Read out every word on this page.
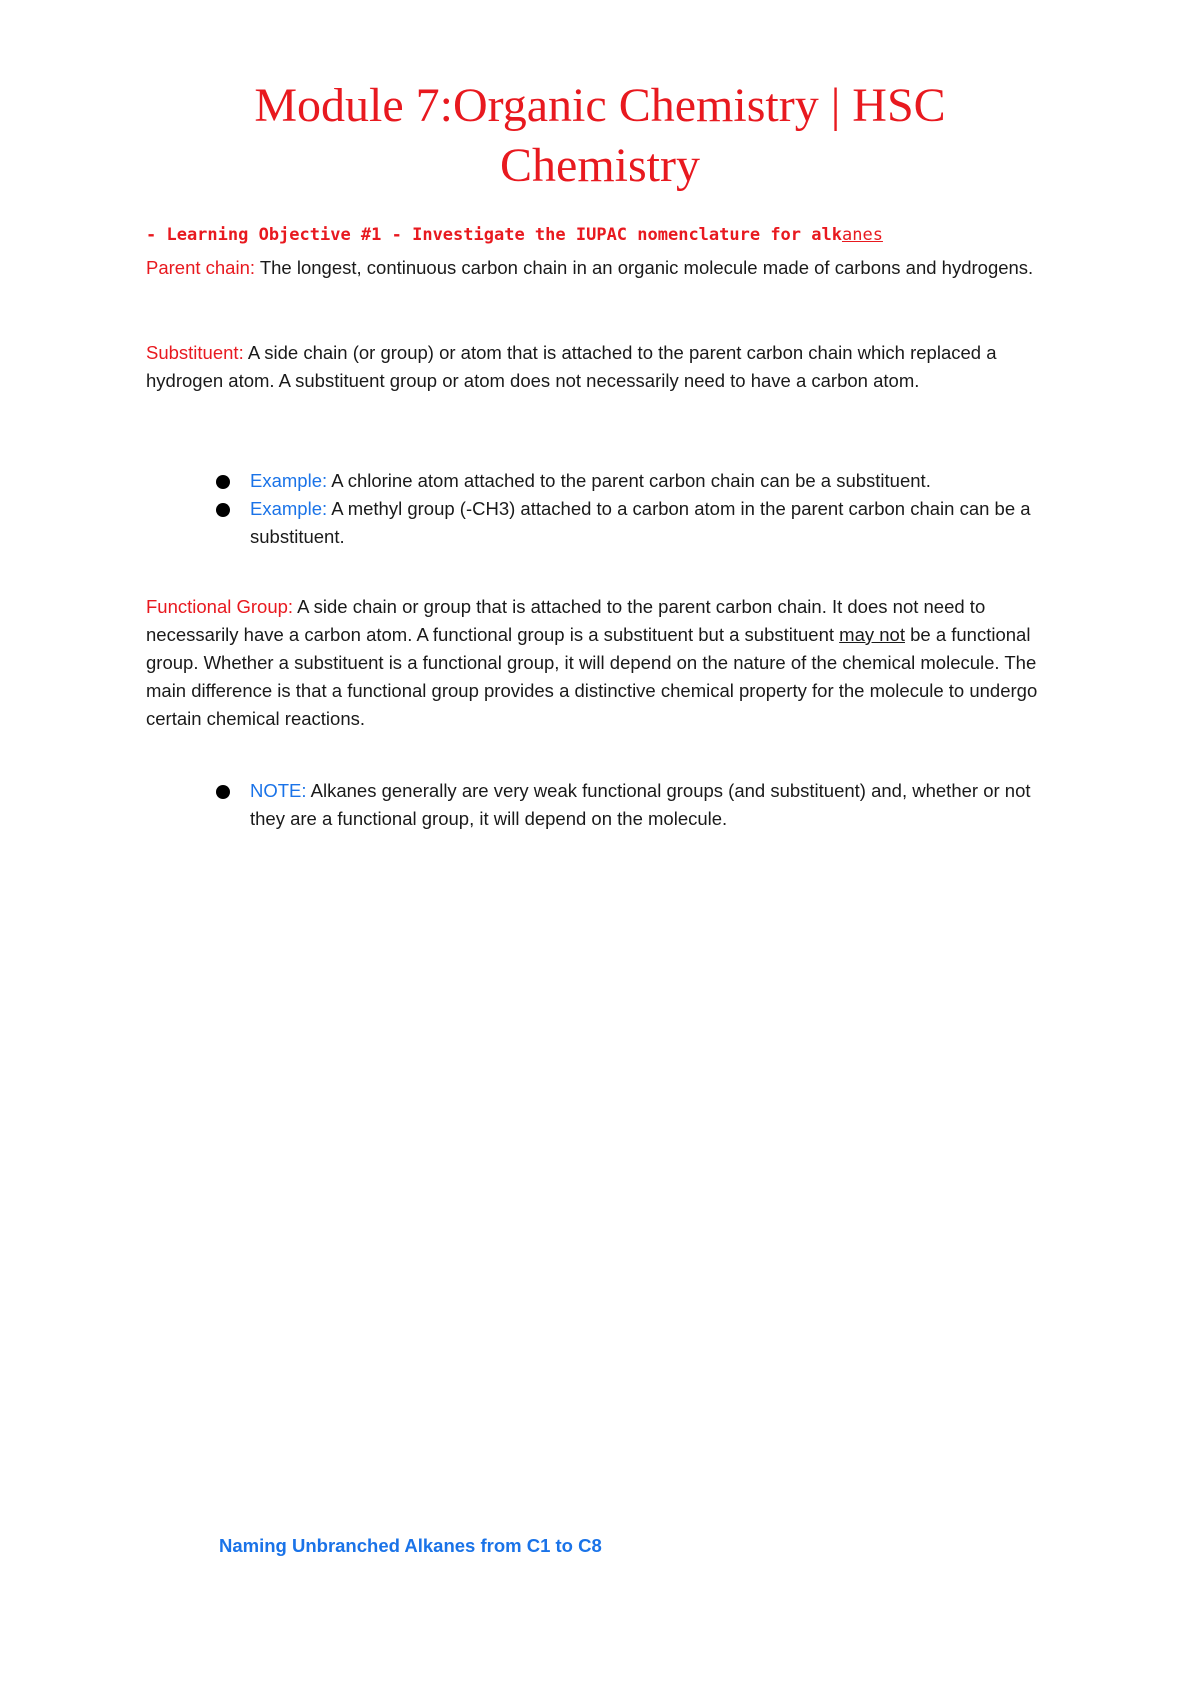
Module 7:Organic Chemistry | HSC Chemistry
- Learning Objective #1 - Investigate the IUPAC nomenclature for alkanes

Parent chain: The longest, continuous carbon chain in an organic molecule made of carbons and hydrogens.

Substituent: A side chain (or group) or atom that is attached to the parent carbon chain which replaced a hydrogen atom. A substituent group or atom does not necessarily need to have a carbon atom.

Example: A chlorine atom attached to the parent carbon chain can be a substituent.
Example: A methyl group (-CH3) attached to a carbon atom in the parent carbon chain can be a substituent.

Functional Group: A side chain or group that is attached to the parent carbon chain. It does not need to necessarily have a carbon atom. A functional group is a substituent but a substituent may not be a functional group. Whether a substituent is a functional group, it will depend on the nature of the chemical molecule. The main difference is that a functional group provides a distinctive chemical property for the molecule to undergo certain chemical reactions.

NOTE: Alkanes generally are very weak functional groups (and substituent) and, whether or not they are a functional group, it will depend on the molecule.

Naming Unbranched Alkanes from C1 to C8
